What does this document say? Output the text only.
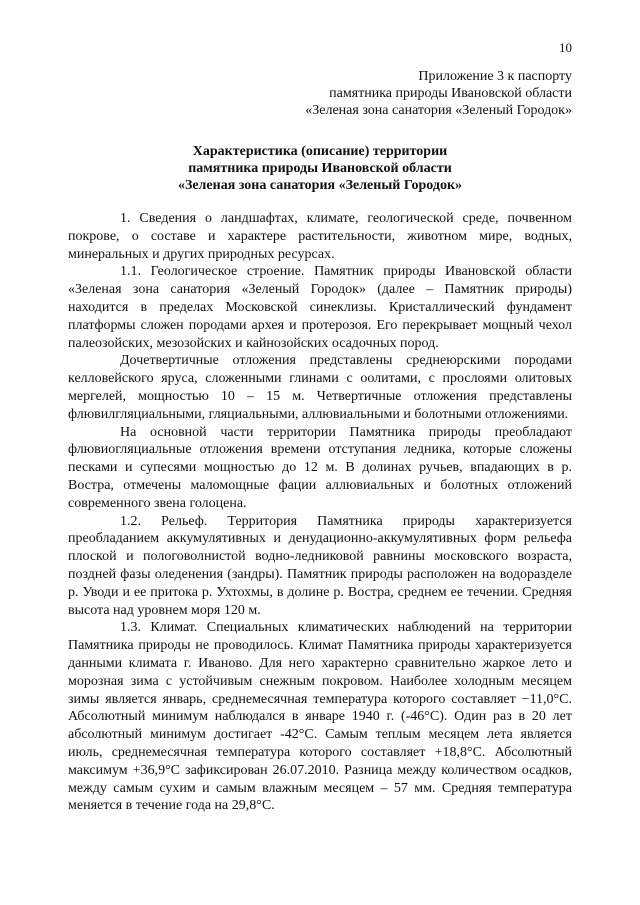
10
Приложение 3 к паспорту
памятника природы Ивановской области
«Зеленая зона санатория «Зеленый Городок»
Характеристика (описание) территории
памятника природы Ивановской области
«Зеленая зона санатория «Зеленый Городок»

1. Сведения о ландшафтах, климате, геологической среде, почвенном покрове, о составе и характере растительности, животном мире, водных, минеральных и других природных ресурсах.

1.1. Геологическое строение. Памятник природы Ивановской области «Зеленая зона санатория «Зеленый Городок» (далее – Памятник природы) находится в пределах Московской синеклизы. Кристаллический фундамент платформы сложен породами архея и протерозоя. Его перекрывает мощный чехол палеозойских, мезозойских и кайнозойских осадочных пород.

Дочетвертичные отложения представлены среднеюрскими породами келловейского яруса, сложенными глинами с оолитами, с прослоями олитовых мергелей, мощностью 10 – 15 м. Четвертичные отложения представлены флювилгляциальными, гляциальными, аллювиальными и болотными отложениями.

На основной части территории Памятника природы преобладают флювиогляциальные отложения времени отступания ледника, которые сложены песками и супесями мощностью до 12 м. В долинах ручьев, впадающих в р. Востра, отмечены маломощные фации аллювиальных и болотных отложений современного звена голоцена.

1.2. Рельеф. Территория Памятника природы характеризуется преобладанием аккумулятивных и денудационно-аккумулятивных форм рельефа плоской и пологоволнистой водно-ледниковой равнины московского возраста, поздней фазы оледенения (зандры). Памятник природы расположен на водоразделе р. Уводи и ее притока р. Ухтохмы, в долине р. Востра, среднем ее течении. Средняя высота над уровнем моря 120 м.

1.3. Климат. Специальных климатических наблюдений на территории Памятника природы не проводилось. Климат Памятника природы характеризуется данными климата г. Иваново. Для него характерно сравнительно жаркое лето и морозная зима с устойчивым снежным покровом. Наиболее холодным месяцем зимы является январь, среднемесячная температура которого составляет −11,0°C. Абсолютный минимум наблюдался в январе 1940 г. (-46°C). Один раз в 20 лет абсолютный минимум достигает -42°C. Самым теплым месяцем лета является июль, среднемесячная температура которого составляет +18,8°C. Абсолютный максимум +36,9°C зафиксирован 26.07.2010. Разница между количеством осадков, между самым сухим и самым влажным месяцем – 57 мм. Средняя температура меняется в течение года на 29,8°C.
